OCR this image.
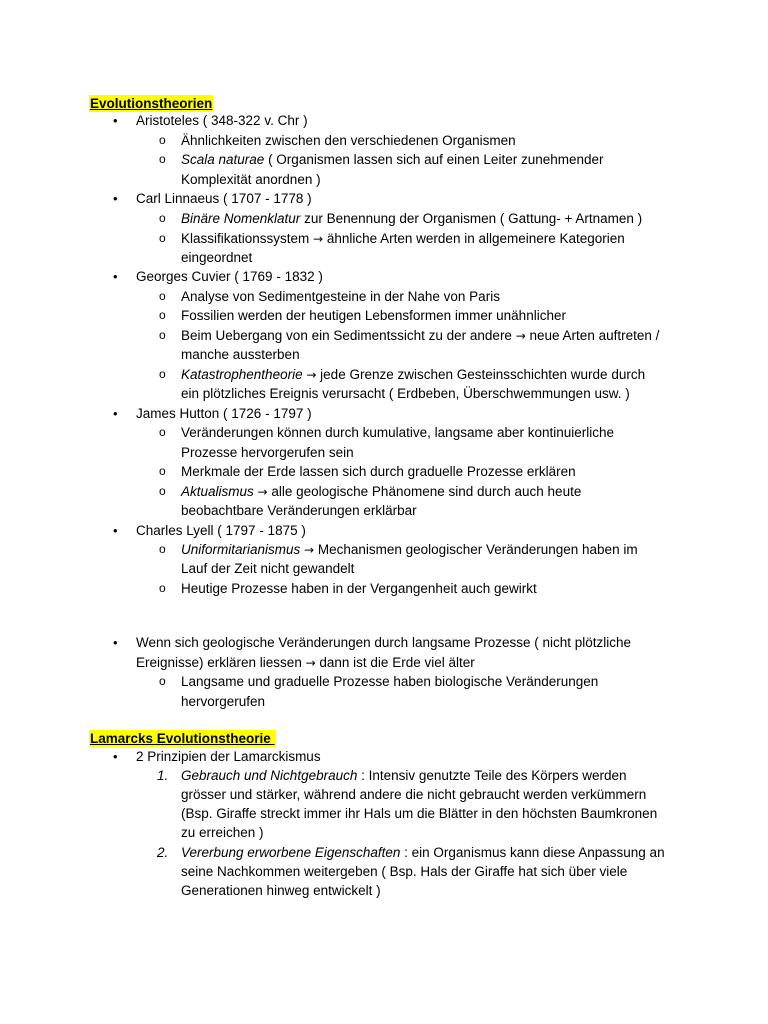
Evolutionstheorien
• Aristoteles ( 348-322 v. Chr )
o Ähnlichkeiten zwischen den verschiedenen Organismen
o Scala naturae ( Organismen lassen sich auf einen Leiter zunehmender
Komplexität anordnen )
• Carl Linnaeus ( 1707 - 1778 )
o Binäre Nomenklatur zur Benennung der Organismen ( Gattung- + Artnamen )
o Klassifikationssystem → ähnliche Arten werden in allgemeinere Kategorien
eingeordnet
• Georges Cuvier ( 1769 - 1832 )
o Analyse von Sedimentgesteine in der Nahe von Paris
o Fossilien werden der heutigen Lebensformen immer unähnlicher
o Beim Uebergang von ein Sedimentssicht zu der andere → neue Arten auftreten /
manche aussterben
o Katastrophentheorie → jede Grenze zwischen Gesteinsschichten wurde durch
ein plötzliches Ereignis verursacht ( Erdbeben, Überschwemmungen usw. )
• James Hutton ( 1726 - 1797 )
o Veränderungen können durch kumulative, langsame aber kontinuierliche
Prozesse hervorgerufen sein
o Merkmale der Erde lassen sich durch graduelle Prozesse erklären
o Aktualismus → alle geologische Phänomene sind durch auch heute
beobachtbare Veränderungen erklärbar
• Charles Lyell ( 1797 - 1875 )
o Uniformitarianismus → Mechanismen geologischer Veränderungen haben im
Lauf der Zeit nicht gewandelt
o Heutige Prozesse haben in der Vergangenheit auch gewirkt
• Wenn sich geologische Veränderungen durch langsame Prozesse ( nicht plötzliche
Ereignisse) erklären liessen → dann ist die Erde viel älter
o Langsame und graduelle Prozesse haben biologische Veränderungen
hervorgerufen
Lamarcks Evolutionstheorie
• 2 Prinzipien der Lamarckismus
1. Gebrauch und Nichtgebrauch : Intensiv genutzte Teile des Körpers werden
grösser und stärker, während andere die nicht gebraucht werden verkümmern
(Bsp. Giraffe streckt immer ihr Hals um die Blätter in den höchsten Baumkronen
zu erreichen )
2. Vererbung erworbene Eigenschaften : ein Organismus kann diese Anpassung an
seine Nachkommen weitergeben ( Bsp. Hals der Giraffe hat sich über viele
Generationen hinweg entwickelt )
